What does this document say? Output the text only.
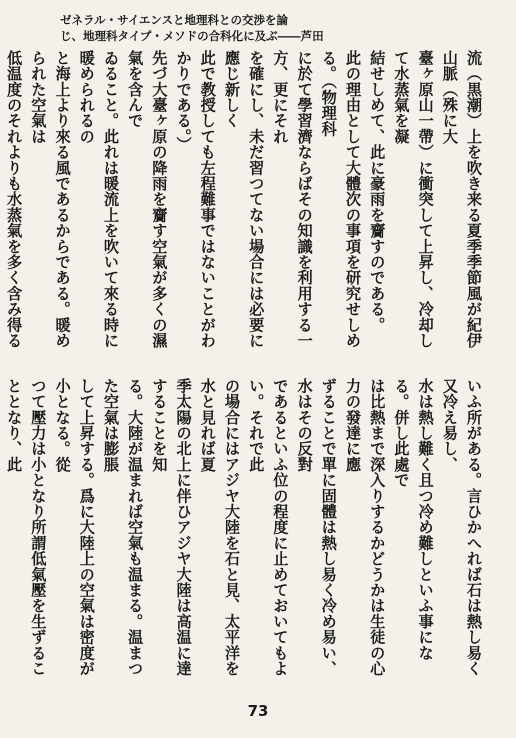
ゼネラル・サイエンスと地理科との交渉を論
じ、地理科タイプ・メソドの合科化に及ぶ――芦田
流（黒潮）上を吹き来る夏季季節風が紀伊山脈（殊に大
臺ヶ原山一帶）に衝突して上昇し、冷却して水蒸氣を凝
結せしめて、此に豪雨を齎すのである。
此の理由として大體次の事項を研究せしめる。（物理科
に於て學習濟ならばその知識を利用する一方、更にそれ
を確にし、未だ習つてない場合には必要に應じ新しく
此で教授しても左程難事ではないことがわかりである。）
先づ大臺ヶ原の降雨を齎す空氣が多くの濕氣を含んで
ゐること。此れは暖流上を吹いて來る時に暖められるの
と海上より來る風であるからである。暖められた空氣は
低温度のそれよりも水蒸氣を多く含み得る
いふ所がある。言ひかへれば石は熱し易く又冷え易し、
水は熱し難く且つ冷め難しといふ事になる。併し此處で
は比熱まで深入りするかどうかは生徒の心力の發達に應
ずることで單に固體は熱し易く冷め易い、水はその反對
であるといふ位の程度に止めておいてもよい。それで此
の場合にはアジヤ大陸を石と見、太平洋を水と見れば夏
季太陽の北上に伴ひアジヤ大陸は高温に達することを知
る。大陸が温まれば空氣も温まる。温まつた空氣は膨脹
して上昇する。爲に大陸上の空氣は密度が小となる。從
つて壓力は小となり所謂低氣壓を生ずることとなり、此
73
